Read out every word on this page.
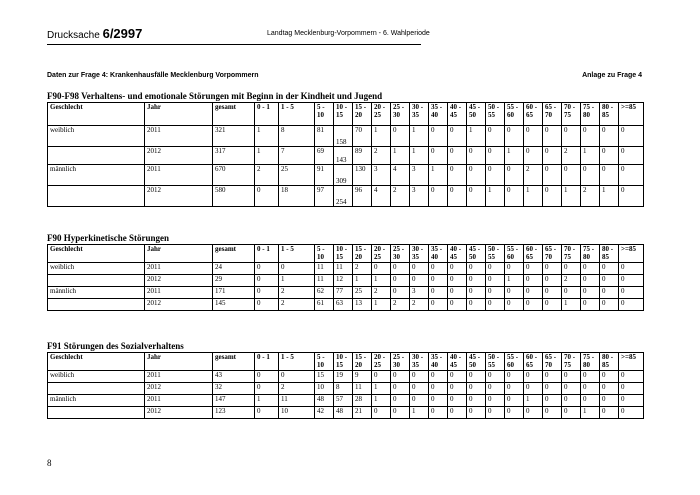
Drucksache 6/2997	Landtag Mecklenburg-Vorpommern - 6. Wahlperiode
Daten zur Frage 4: Krankenhausfälle Mecklenburg Vorpommern	Anlage zu Frage 4
F90-F98 Verhaltens- und emotionale Störungen mit Beginn in der Kindheit und Jugend
Geschlecht	Jahr	gesamt	0 - 1	1 - 5	5 - 10	10 - 15	15 - 20	20 - 25	25 - 30	30 - 35	35 - 40	40 - 45	45 - 50	50 - 55	55 - 60	60 - 65	65 - 70	70 - 75	75 - 80	80 - 85	>=85
weiblich	2011	321	1	8	81	158	70	1	0	1	0	0	1	0	0	0	0	0	0	0	0
	2012	317	1	7	69	143	89	2	1	1	0	0	0	0	1	0	0	2	1	0	0
männlich	2011	670	2	25	91	309	130	3	4	3	1	0	0	0	0	2	0	0	0	0	0
	2012	580	0	18	97	254	96	4	2	3	0	0	0	1	0	1	0	1	2	1	0
F90 Hyperkinetische Störungen
Geschlecht	Jahr	gesamt	0 - 1	1 - 5	5 - 10	10 - 15	15 - 20	20 - 25	25 - 30	30 - 35	35 - 40	40 - 45	45 - 50	50 - 55	55 - 60	60 - 65	65 - 70	70 - 75	75 - 80	80 - 85	>=85
weiblich	2011	24	0	0	11	11	2	0	0	0	0	0	0	0	0	0	0	0	0	0	0
	2012	29	0	1	11	12	1	1	0	0	0	0	0	0	1	0	0	2	0	0	0
männlich	2011	171	0	2	62	77	25	2	0	3	0	0	0	0	0	0	0	0	0	0	0
	2012	145	0	2	61	63	13	1	2	2	0	0	0	0	0	0	0	1	0	0	0
F91 Störungen des Sozialverhaltens
Geschlecht	Jahr	gesamt	0 - 1	1 - 5	5 - 10	10 - 15	15 - 20	20 - 25	25 - 30	30 - 35	35 - 40	40 - 45	45 - 50	50 - 55	55 - 60	60 - 65	65 - 70	70 - 75	75 - 80	80 - 85	>=85
weiblich	2011	43	0	0	15	19	9	0	0	0	0	0	0	0	0	0	0	0	0	0	0
	2012	32	0	2	10	8	11	1	0	0	0	0	0	0	0	0	0	0	0	0	0
männlich	2011	147	1	11	48	57	28	1	0	0	0	0	0	0	0	1	0	0	0	0	0
	2012	123	0	10	42	48	21	0	0	1	0	0	0	0	0	0	0	0	1	0	0
8
